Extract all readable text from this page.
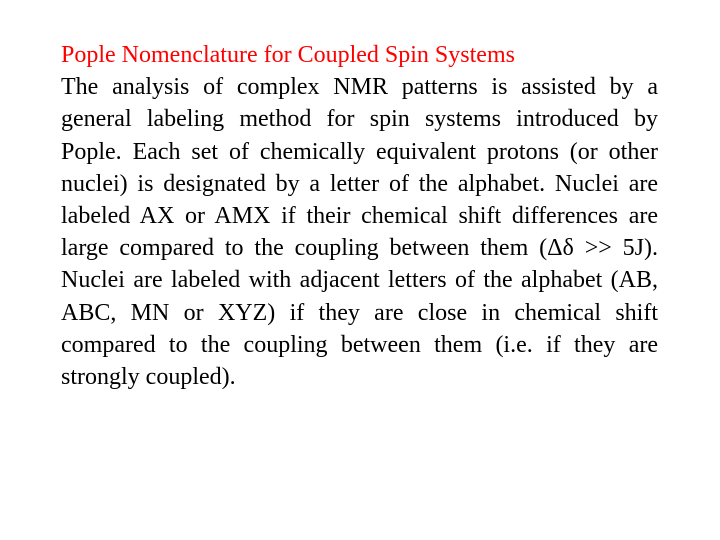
Pople Nomenclature for Coupled Spin Systems

The analysis of complex NMR patterns is assisted by a general labeling method for spin systems introduced by Pople. Each set of chemically equivalent protons (or other nuclei) is designated by a letter of the alphabet. Nuclei are labeled AX or AMX if their chemical shift differences are large compared to the coupling between them (Δδ >> 5J). Nuclei are labeled with adjacent letters of the alphabet (AB, ABC, MN or XYZ) if they are close in chemical shift compared to the coupling between them (i.e. if they are strongly coupled).
